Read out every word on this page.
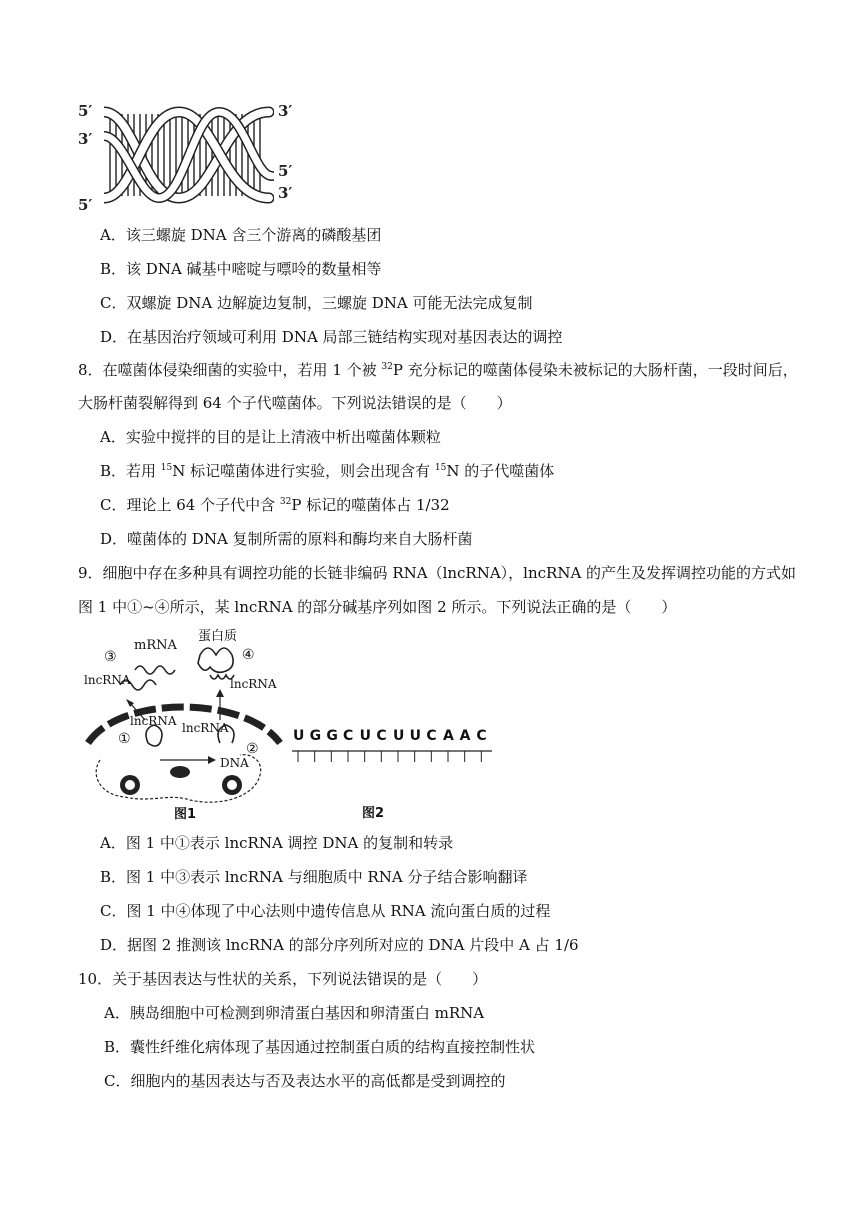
5′
3′
3′
5′
3′
5′
A．该三螺旋 DNA 含三个游离的磷酸基团
B．该 DNA 碱基中嘧啶与嘌呤的数量相等
C．双螺旋 DNA 边解旋边复制，三螺旋 DNA 可能无法完成复制
D．在基因治疗领域可利用 DNA 局部三链结构实现对基因表达的调控
8．在噬菌体侵染细菌的实验中，若用 1 个被 $^{32}$P 充分标记的噬菌体侵染未被标记的大肠杆菌，一段时间后，
大肠杆菌裂解得到 64 个子代噬菌体。下列说法错误的是（　　）
A．实验中搅拌的目的是让上清液中析出噬菌体颗粒
B．若用 $^{15}$N 标记噬菌体进行实验，则会出现含有 $^{15}$N 的子代噬菌体
C．理论上 64 个子代中含 $^{32}$P 标记的噬菌体占 1/32
D．噬菌体的 DNA 复制所需的原料和酶均来自大肠杆菌
9．细胞中存在多种具有调控功能的长链非编码 RNA（lncRNA），lncRNA 的产生及发挥调控功能的方式如
图 1 中①~④所示，某 lncRNA 的部分碱基序列如图 2 所示。下列说法正确的是（　　）
蛋白质
mRNA
③	④
lncRNA	lncRNA
lncRNA lncRNA
①
②
DNA
图1
U G G C U C U U C A A C
图2
A．图 1 中①表示 lncRNA 调控 DNA 的复制和转录
B．图 1 中③表示 lncRNA 与细胞质中 RNA 分子结合影响翻译
C．图 1 中④体现了中心法则中遗传信息从 RNA 流向蛋白质的过程
D．据图 2 推测该 lncRNA 的部分序列所对应的 DNA 片段中 A 占 1/6
10．关于基因表达与性状的关系，下列说法错误的是（　　）
A．胰岛细胞中可检测到卵清蛋白基因和卵清蛋白 mRNA
B．囊性纤维化病体现了基因通过控制蛋白质的结构直接控制性状
C．细胞内的基因表达与否及表达水平的高低都是受到调控的
